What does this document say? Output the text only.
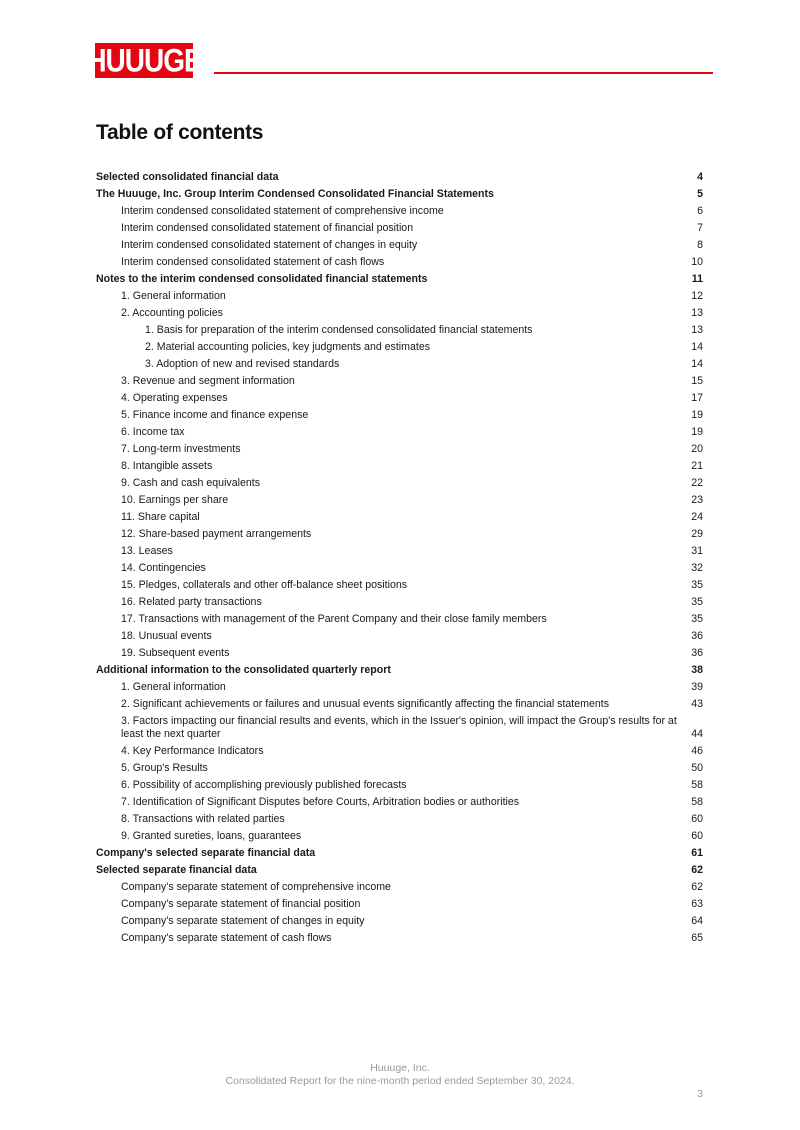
HUUUGE
Table of contents
Selected consolidated financial data	4
The Huuuge, Inc. Group Interim Condensed Consolidated Financial Statements	5
Interim condensed consolidated statement of comprehensive income	6
Interim condensed consolidated statement of financial position	7
Interim condensed consolidated statement of changes in equity	8
Interim condensed consolidated statement of cash flows	10
Notes to the interim condensed consolidated financial statements	11
1. General information	12
2. Accounting policies	13
1. Basis for preparation of the interim condensed consolidated financial statements	13
2. Material accounting policies, key judgments and estimates	14
3. Adoption of new and revised standards	14
3. Revenue and segment information	15
4. Operating expenses	17
5. Finance income and finance expense	19
6. Income tax	19
7. Long-term investments	20
8. Intangible assets	21
9. Cash and cash equivalents	22
10. Earnings per share	23
11. Share capital	24
12. Share-based payment arrangements	29
13. Leases	31
14. Contingencies	32
15. Pledges, collaterals and other off-balance sheet positions	35
16. Related party transactions	35
17. Transactions with management of the Parent Company and their close family members	35
18. Unusual events	36
19. Subsequent events	36
Additional information to the consolidated quarterly report	38
1. General information	39
2. Significant achievements or failures and unusual events significantly affecting the financial statements	43
3. Factors impacting our financial results and events, which in the Issuer's opinion, will impact the Group's results for at least the next quarter	44
4. Key Performance Indicators	46
5. Group's Results	50
6. Possibility of accomplishing previously published forecasts	58
7. Identification of Significant Disputes before Courts, Arbitration bodies or authorities	58
8. Transactions with related parties	60
9. Granted sureties, loans, guarantees	60
Company's selected separate financial data	61
Selected separate financial data	62
Company's separate statement of comprehensive income	62
Company's separate statement of financial position	63
Company's separate statement of changes in equity	64
Company's separate statement of cash flows	65
Huuuge, Inc.
Consolidated Report for the nine-month period ended September 30, 2024.
3
